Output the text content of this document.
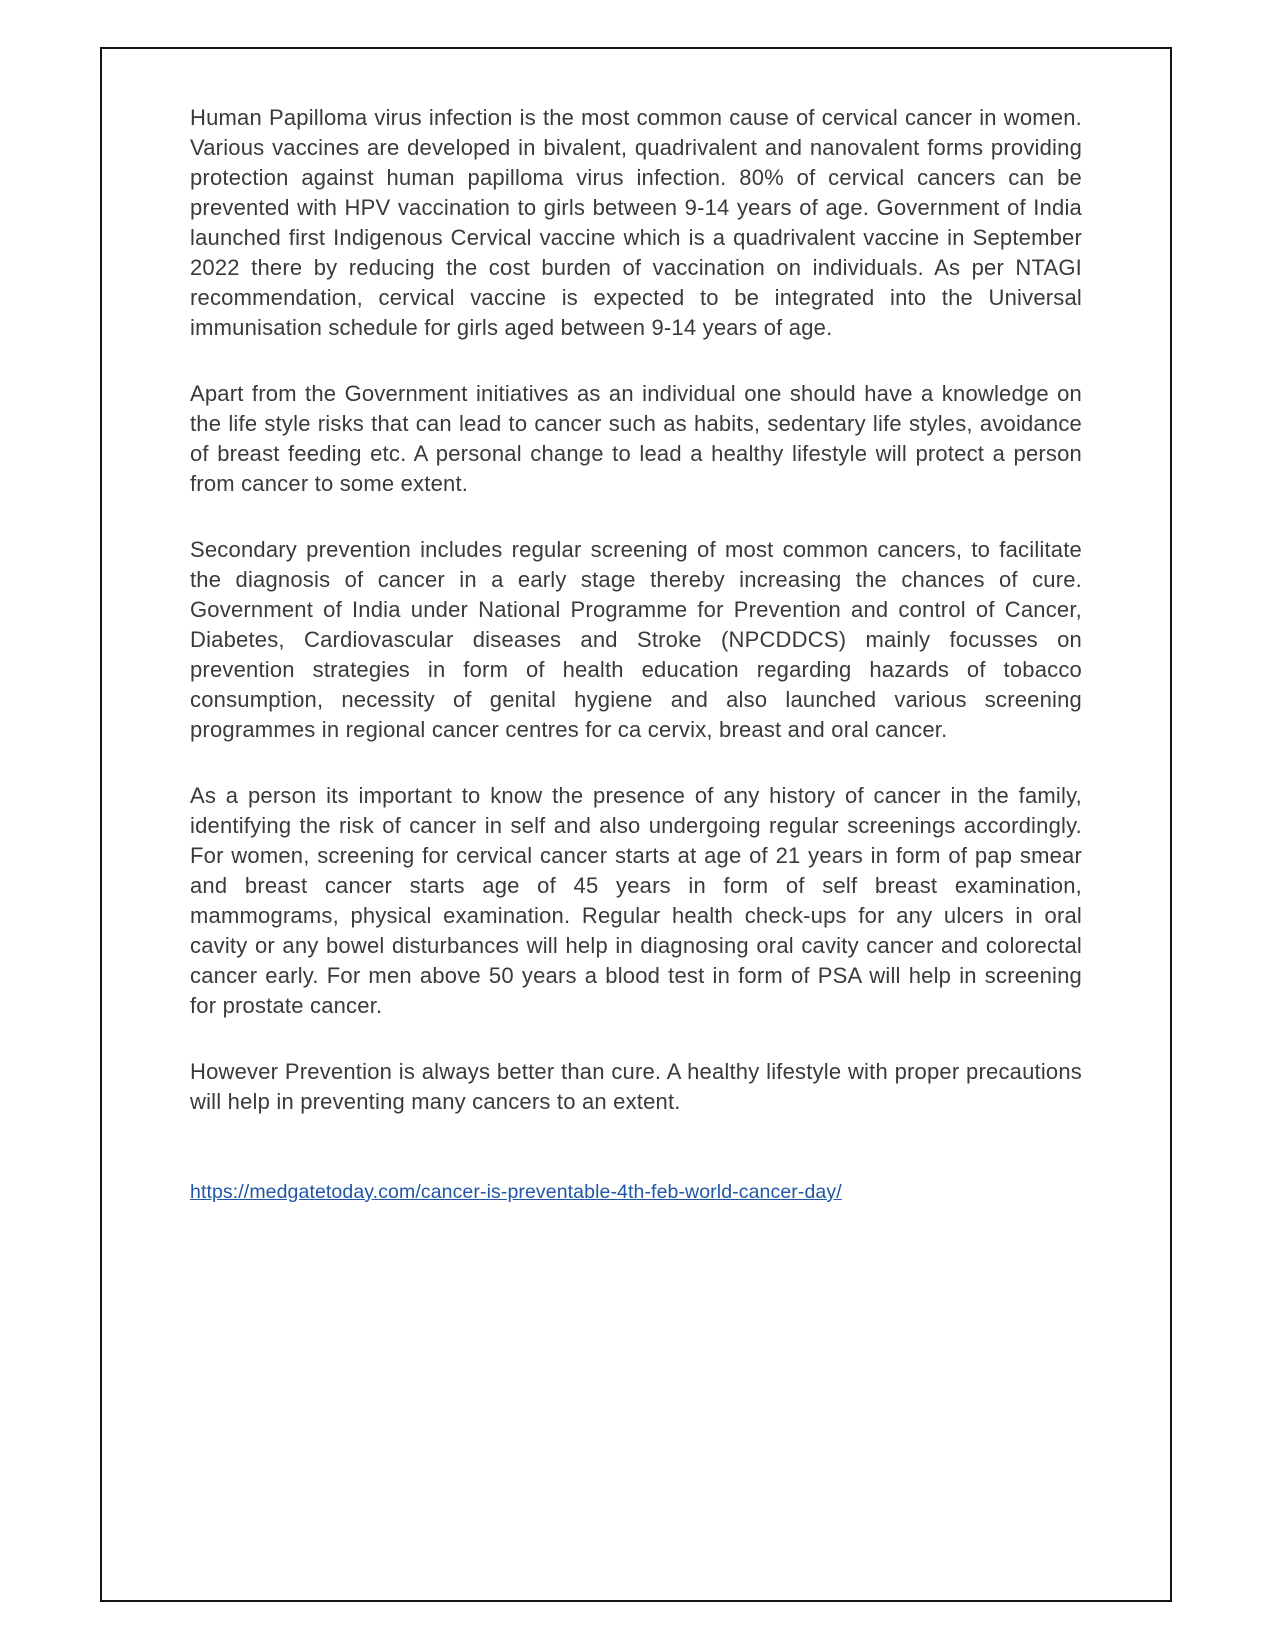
Human Papilloma virus infection is the most common cause of cervical cancer in women. Various vaccines are developed in bivalent, quadrivalent and nanovalent forms providing protection against human papilloma virus infection. 80% of cervical cancers can be prevented with HPV vaccination to girls between 9-14 years of age. Government of India launched first Indigenous Cervical vaccine which is a quadrivalent vaccine in September 2022 there by reducing the cost burden of vaccination on individuals. As per NTAGI recommendation, cervical vaccine is expected to be integrated into the Universal immunisation schedule for girls aged between 9-14 years of age.

Apart from the Government initiatives as an individual one should have a knowledge on the life style risks that can lead to cancer such as habits, sedentary life styles, avoidance of breast feeding etc. A personal change to lead a healthy lifestyle will protect a person from cancer to some extent.

Secondary prevention includes regular screening of most common cancers, to facilitate the diagnosis of cancer in a early stage thereby increasing the chances of cure. Government of India under National Programme for Prevention and control of Cancer, Diabetes, Cardiovascular diseases and Stroke (NPCDDCS) mainly focusses on prevention strategies in form of health education regarding hazards of tobacco consumption, necessity of genital hygiene and also launched various screening programmes in regional cancer centres for ca cervix, breast and oral cancer.

As a person its important to know the presence of any history of cancer in the family, identifying the risk of cancer in self and also undergoing regular screenings accordingly. For women, screening for cervical cancer starts at age of 21 years in form of pap smear and breast cancer starts age of 45 years in form of self breast examination, mammograms, physical examination. Regular health check-ups for any ulcers in oral cavity or any bowel disturbances will help in diagnosing oral cavity cancer and colorectal cancer early. For men above 50 years a blood test in form of PSA will help in screening for prostate cancer.

However Prevention is always better than cure. A healthy lifestyle with proper precautions will help in preventing many cancers to an extent.

https://medgatetoday.com/cancer-is-preventable-4th-feb-world-cancer-day/
